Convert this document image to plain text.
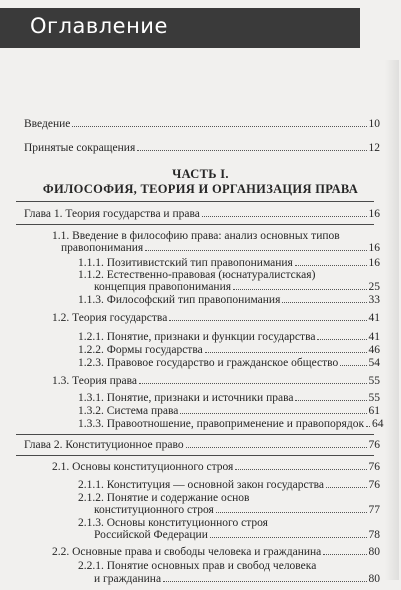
Оглавление
Введение	10
Принятые сокращения	12
ЧАСТЬ I.
ФИЛОСОФИЯ, ТЕОРИЯ И ОРГАНИЗАЦИЯ ПРАВА
Глава 1. Теория государства и права	16
1.1. Введение в философию права: анализ основных типов
правопонимания	16
1.1.1. Позитивистский тип правопонимания	16
1.1.2. Естественно-правовая (юснатуралистская)
концепция правопонимания	25
1.1.3. Философский тип правопонимания	33
1.2. Теория государства	41
1.2.1. Понятие, признаки и функции государства	41
1.2.2. Формы государства	46
1.2.3. Правовое государство и гражданское общество	54
1.3. Теория права	55
1.3.1. Понятие, признаки и источники права	55
1.3.2. Система права	61
1.3.3. Правоотношение, правоприменение и правопорядок 64
Глава 2. Конституционное право	76
2.1. Основы конституционного строя	76
2.1.1. Конституция — основной закон государства	76
2.1.2. Понятие и содержание основ
конституционного строя	77
2.1.3. Основы конституционного строя
Российской Федерации	78
2.2. Основные права и свободы человека и гражданина	80
2.2.1. Понятие основных прав и свобод человека
и гражданина	80
